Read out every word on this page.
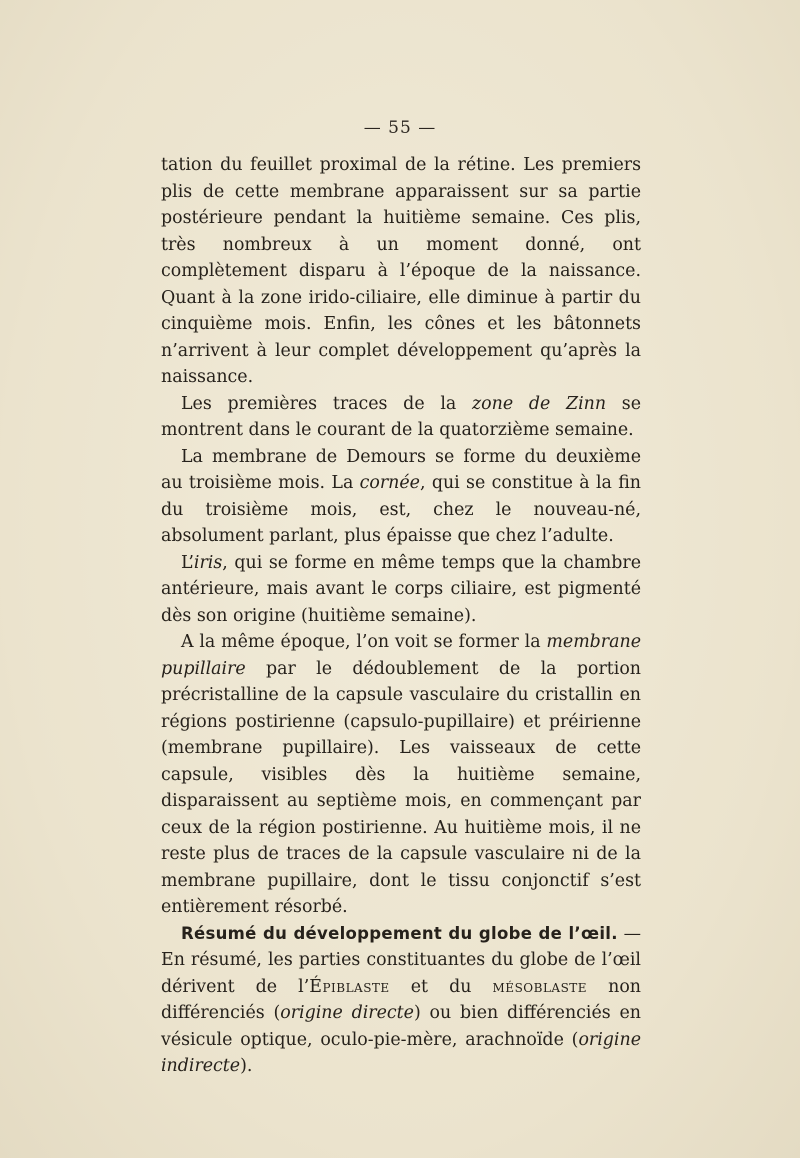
— 55 —

tation du feuillet proximal de la rétine. Les premiers plis de cette membrane apparaissent sur sa partie postérieure pendant la huitième semaine. Ces plis, très nombreux à un moment donné, ont complètement disparu à l’époque de la naissance. Quant à la zone irido-ciliaire, elle diminue à partir du cinquième mois. Enfin, les cônes et les bâtonnets n’arrivent à leur complet développement qu’après la naissance.

Les premières traces de la zone de Zinn se montrent dans le courant de la quatorzième semaine.

La membrane de Demours se forme du deuxième au troisième mois. La cornée, qui se constitue à la fin du troisième mois, est, chez le nouveau-né, absolument parlant, plus épaisse que chez l’adulte.

L’iris, qui se forme en même temps que la chambre antérieure, mais avant le corps ciliaire, est pigmenté dès son origine (huitième semaine).

A la même époque, l’on voit se former la membrane pupillaire par le dédoublement de la portion précristalline de la capsule vasculaire du cristallin en régions postirienne (capsulo-pupillaire) et préirienne (membrane pupillaire). Les vaisseaux de cette capsule, visibles dès la huitième semaine, disparaissent au septième mois, en commençant par ceux de la région postirienne. Au huitième mois, il ne reste plus de traces de la capsule vasculaire ni de la membrane pupillaire, dont le tissu conjonctif s’est entièrement résorbé.

Résumé du développement du globe de l’œil. — En résumé, les parties constituantes du globe de l’œil dérivent de l’Épiblaste et du mésoblaste non différenciés (origine directe) ou bien différenciés en vésicule optique, oculo-pie-mère, arachnoïde (origine indirecte).
